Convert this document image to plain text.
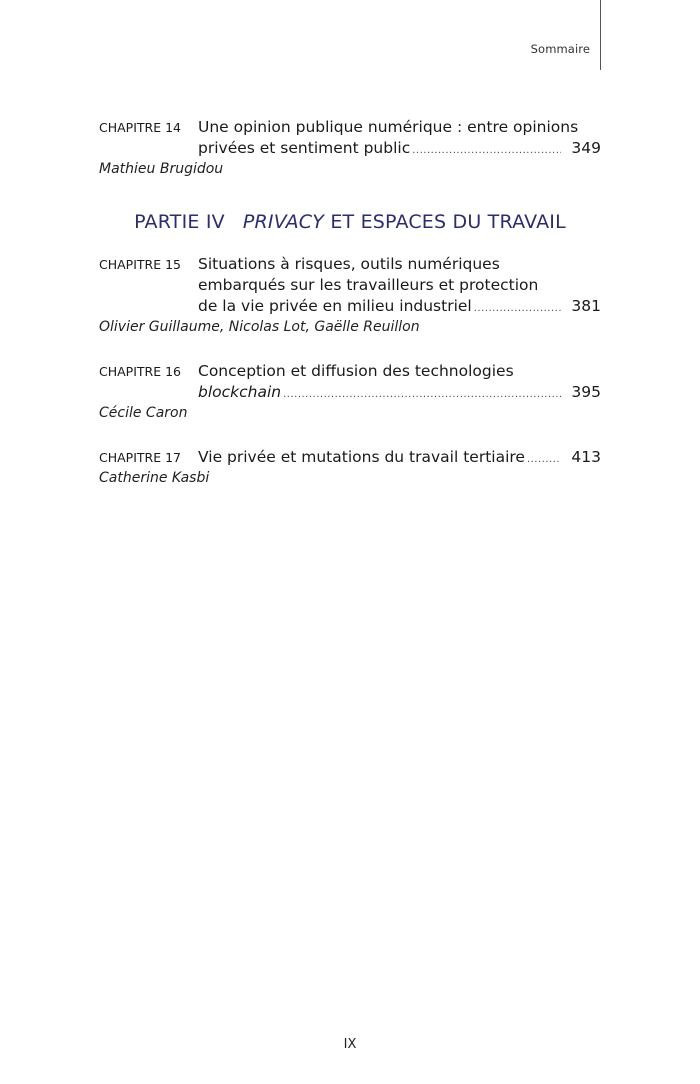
Sommaire
CHAPITRE 14 Une opinion publique numérique : entre opinions
privées et sentiment public .....	349
Mathieu Brugidou
PARTIE IV PRIVACY ET ESPACES DU TRAVAIL
CHAPITRE 15 Situations à risques, outils numériques
embarqués sur les travailleurs et protection
de la vie privée en milieu industriel .....	381
Olivier Guillaume, Nicolas Lot, Gaëlle Reuillon
CHAPITRE 16 Conception et diffusion des technologies
blockchain .....	395
Cécile Caron
CHAPITRE 17 Vie privée et mutations du travail tertiaire .....	413
Catherine Kasbi
IX
